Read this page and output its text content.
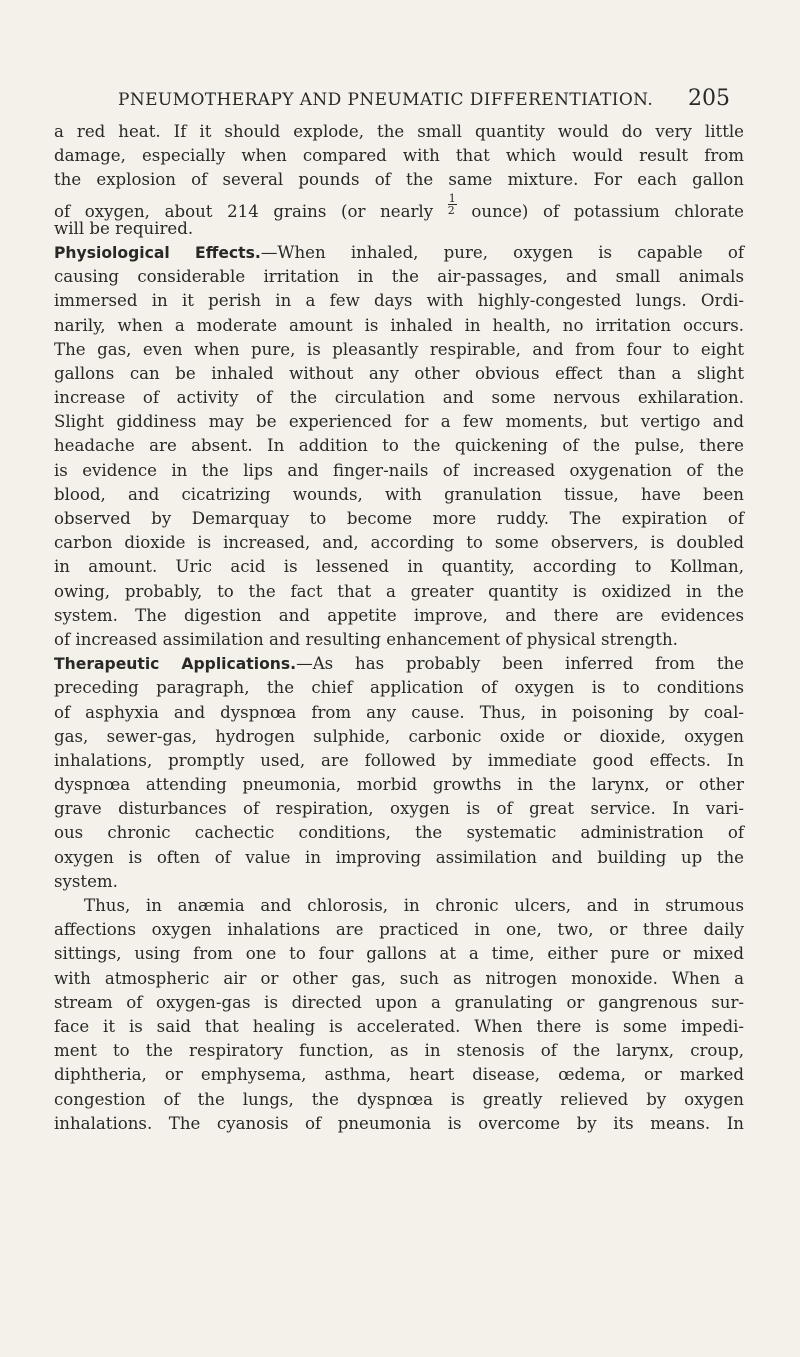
PNEUMOTHERAPY AND PNEUMATIC DIFFERENTIATION.	205
a red heat. If it should explode, the small quantity would do very little
damage, especially when compared with that which would result from
the explosion of several pounds of the same mixture. For each gallon
of oxygen, about 214 grains (or nearly $\frac{1}{2}$ ounce) of potassium chlorate
will be required.
Physiological Effects.—When inhaled, pure, oxygen is capable of
causing considerable irritation in the air-passages, and small animals
immersed in it perish in a few days with highly-congested lungs. Ordi-
narily, when a moderate amount is inhaled in health, no irritation occurs.
The gas, even when pure, is pleasantly respirable, and from four to eight
gallons can be inhaled without any other obvious effect than a slight
increase of activity of the circulation and some nervous exhilaration.
Slight giddiness may be experienced for a few moments, but vertigo and
headache are absent. In addition to the quickening of the pulse, there
is evidence in the lips and finger-nails of increased oxygenation of the
blood, and cicatrizing wounds, with granulation tissue, have been
observed by Demarquay to become more ruddy. The expiration of
carbon dioxide is increased, and, according to some observers, is doubled
in amount. Uric acid is lessened in quantity, according to Kollman,
owing, probably, to the fact that a greater quantity is oxidized in the
system. The digestion and appetite improve, and there are evidences
of increased assimilation and resulting enhancement of physical strength.
Therapeutic Applications.—As has probably been inferred from the
preceding paragraph, the chief application of oxygen is to conditions
of asphyxia and dyspnœa from any cause. Thus, in poisoning by coal-
gas, sewer-gas, hydrogen sulphide, carbonic oxide or dioxide, oxygen
inhalations, promptly used, are followed by immediate good effects. In
dyspnœa attending pneumonia, morbid growths in the larynx, or other
grave disturbances of respiration, oxygen is of great service. In vari-
ous chronic cachectic conditions, the systematic administration of
oxygen is often of value in improving assimilation and building up the
system.
Thus, in anæmia and chlorosis, in chronic ulcers, and in strumous
affections oxygen inhalations are practiced in one, two, or three daily
sittings, using from one to four gallons at a time, either pure or mixed
with atmospheric air or other gas, such as nitrogen monoxide. When a
stream of oxygen-gas is directed upon a granulating or gangrenous sur-
face it is said that healing is accelerated. When there is some impedi-
ment to the respiratory function, as in stenosis of the larynx, croup,
diphtheria, or emphysema, asthma, heart disease, œdema, or marked
congestion of the lungs, the dyspnœa is greatly relieved by oxygen
inhalations. The cyanosis of pneumonia is overcome by its means. In
